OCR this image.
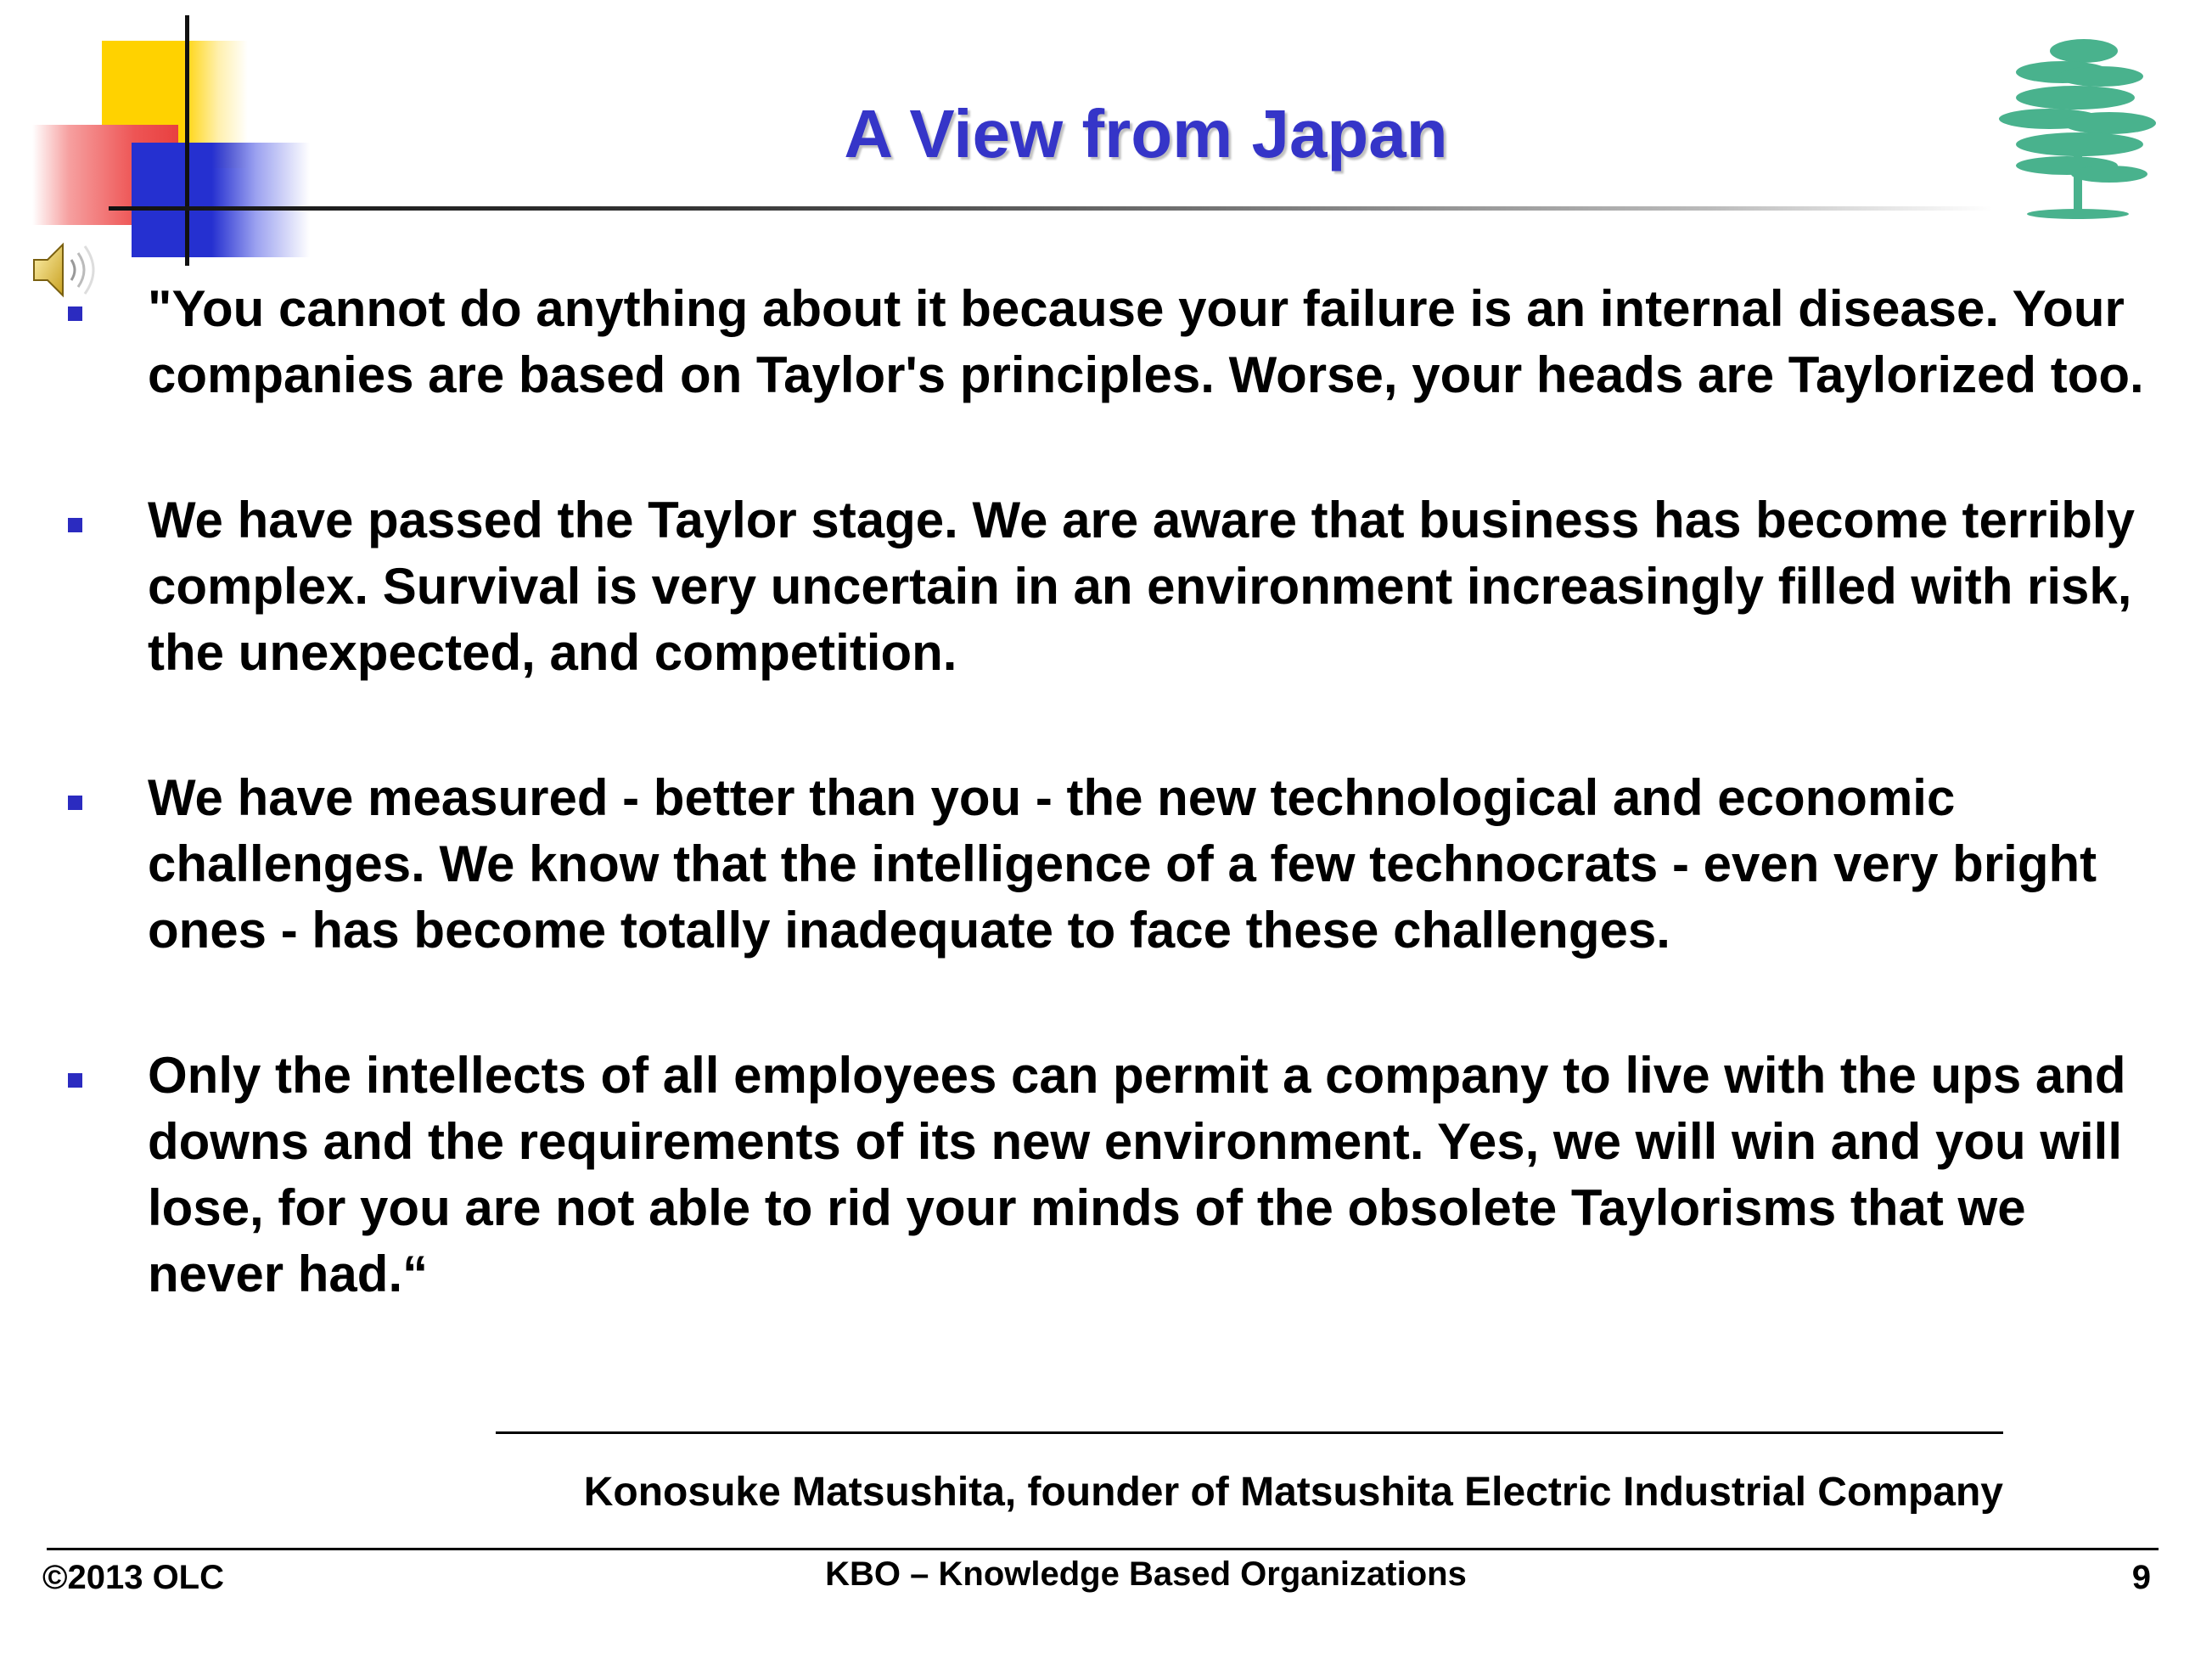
A View from Japan
"You cannot do anything about it because your failure is an internal disease. Your companies are based on Taylor's principles. Worse, your heads are Taylorized too.
We have passed the Taylor stage. We are aware that business has become terribly complex. Survival is very uncertain in an environment increasingly filled with risk, the unexpected, and competition.
We have measured - better than you - the new technological and economic challenges. We know that the intelligence of a few technocrats - even very bright ones - has become totally inadequate to face these challenges.
Only the intellects of all employees can permit a company to live with the ups and downs and the requirements of its new environment. Yes, we will win and you will lose, for you are not able to rid your minds of the obsolete Taylorisms that we never had.“
Konosuke Matsushita, founder of Matsushita Electric Industrial Company
©2013 OLC	KBO – Knowledge Based Organizations	9
